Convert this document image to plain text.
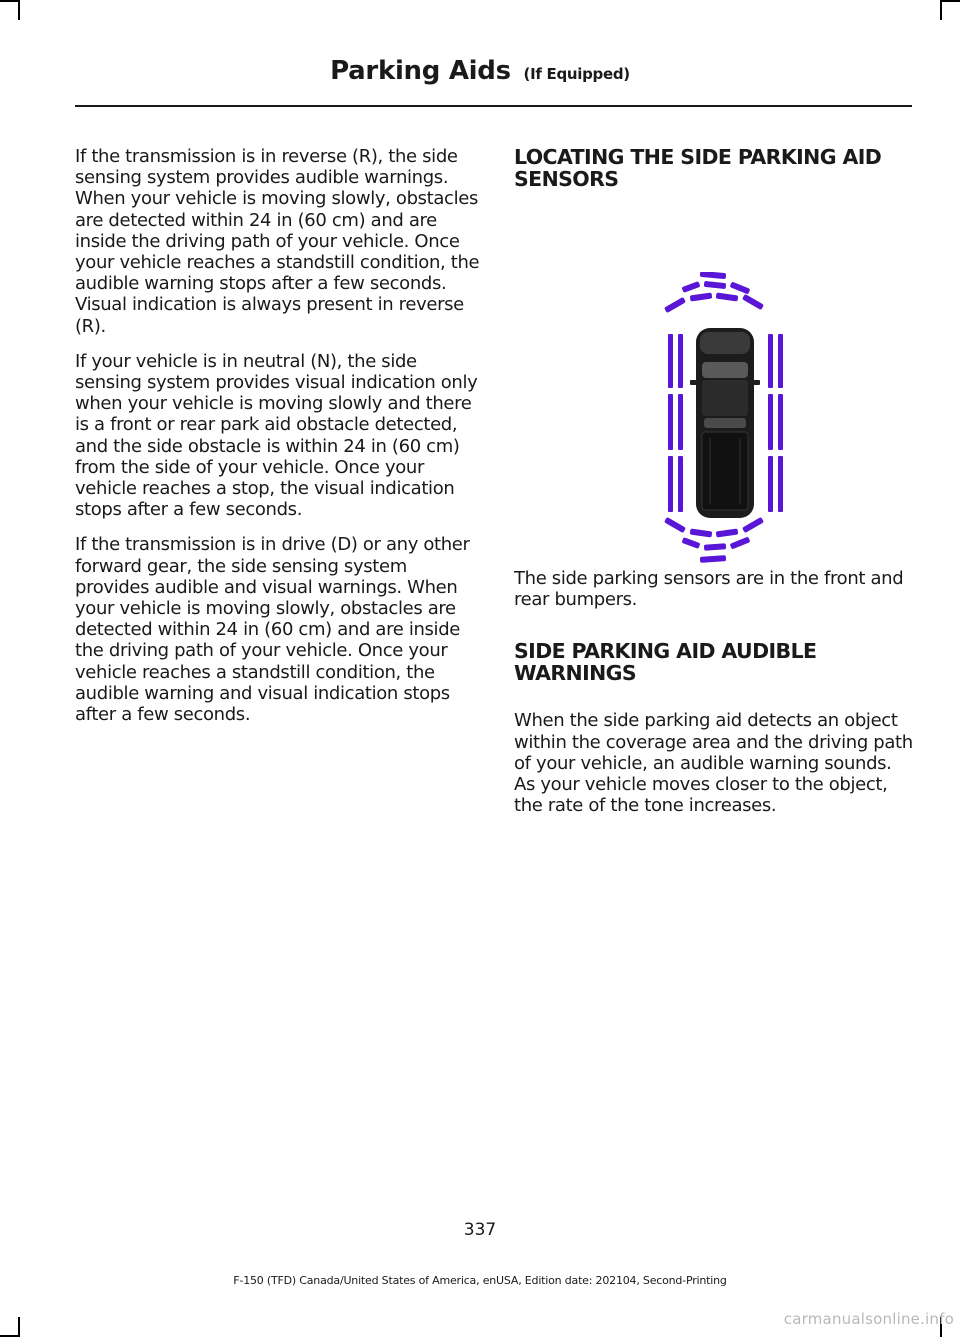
Parking Aids (If Equipped)

If the transmission is in reverse (R), the side sensing system provides audible warnings. When your vehicle is moving slowly, obstacles are detected within 24 in (60 cm) and are inside the driving path of your vehicle. Once your vehicle reaches a standstill condition, the audible warning stops after a few seconds. Visual indication is always present in reverse (R).

If your vehicle is in neutral (N), the side sensing system provides visual indication only when your vehicle is moving slowly and there is a front or rear park aid obstacle detected, and the side obstacle is within 24 in (60 cm) from the side of your vehicle. Once your vehicle reaches a stop, the visual indication stops after a few seconds.

If the transmission is in drive (D) or any other forward gear, the side sensing system provides audible and visual warnings. When your vehicle is moving slowly, obstacles are detected within 24 in (60 cm) and are inside the driving path of your vehicle. Once your vehicle reaches a standstill condition, the audible warning and visual indication stops after a few seconds.

LOCATING THE SIDE PARKING AID SENSORS

The side parking sensors are in the front and rear bumpers.

SIDE PARKING AID AUDIBLE WARNINGS

When the side parking aid detects an object within the coverage area and the driving path of your vehicle, an audible warning sounds. As your vehicle moves closer to the object, the rate of the tone increases.

337
F-150 (TFD) Canada/United States of America, enUSA, Edition date: 202104, Second-Printing
carmanualsonline.info
